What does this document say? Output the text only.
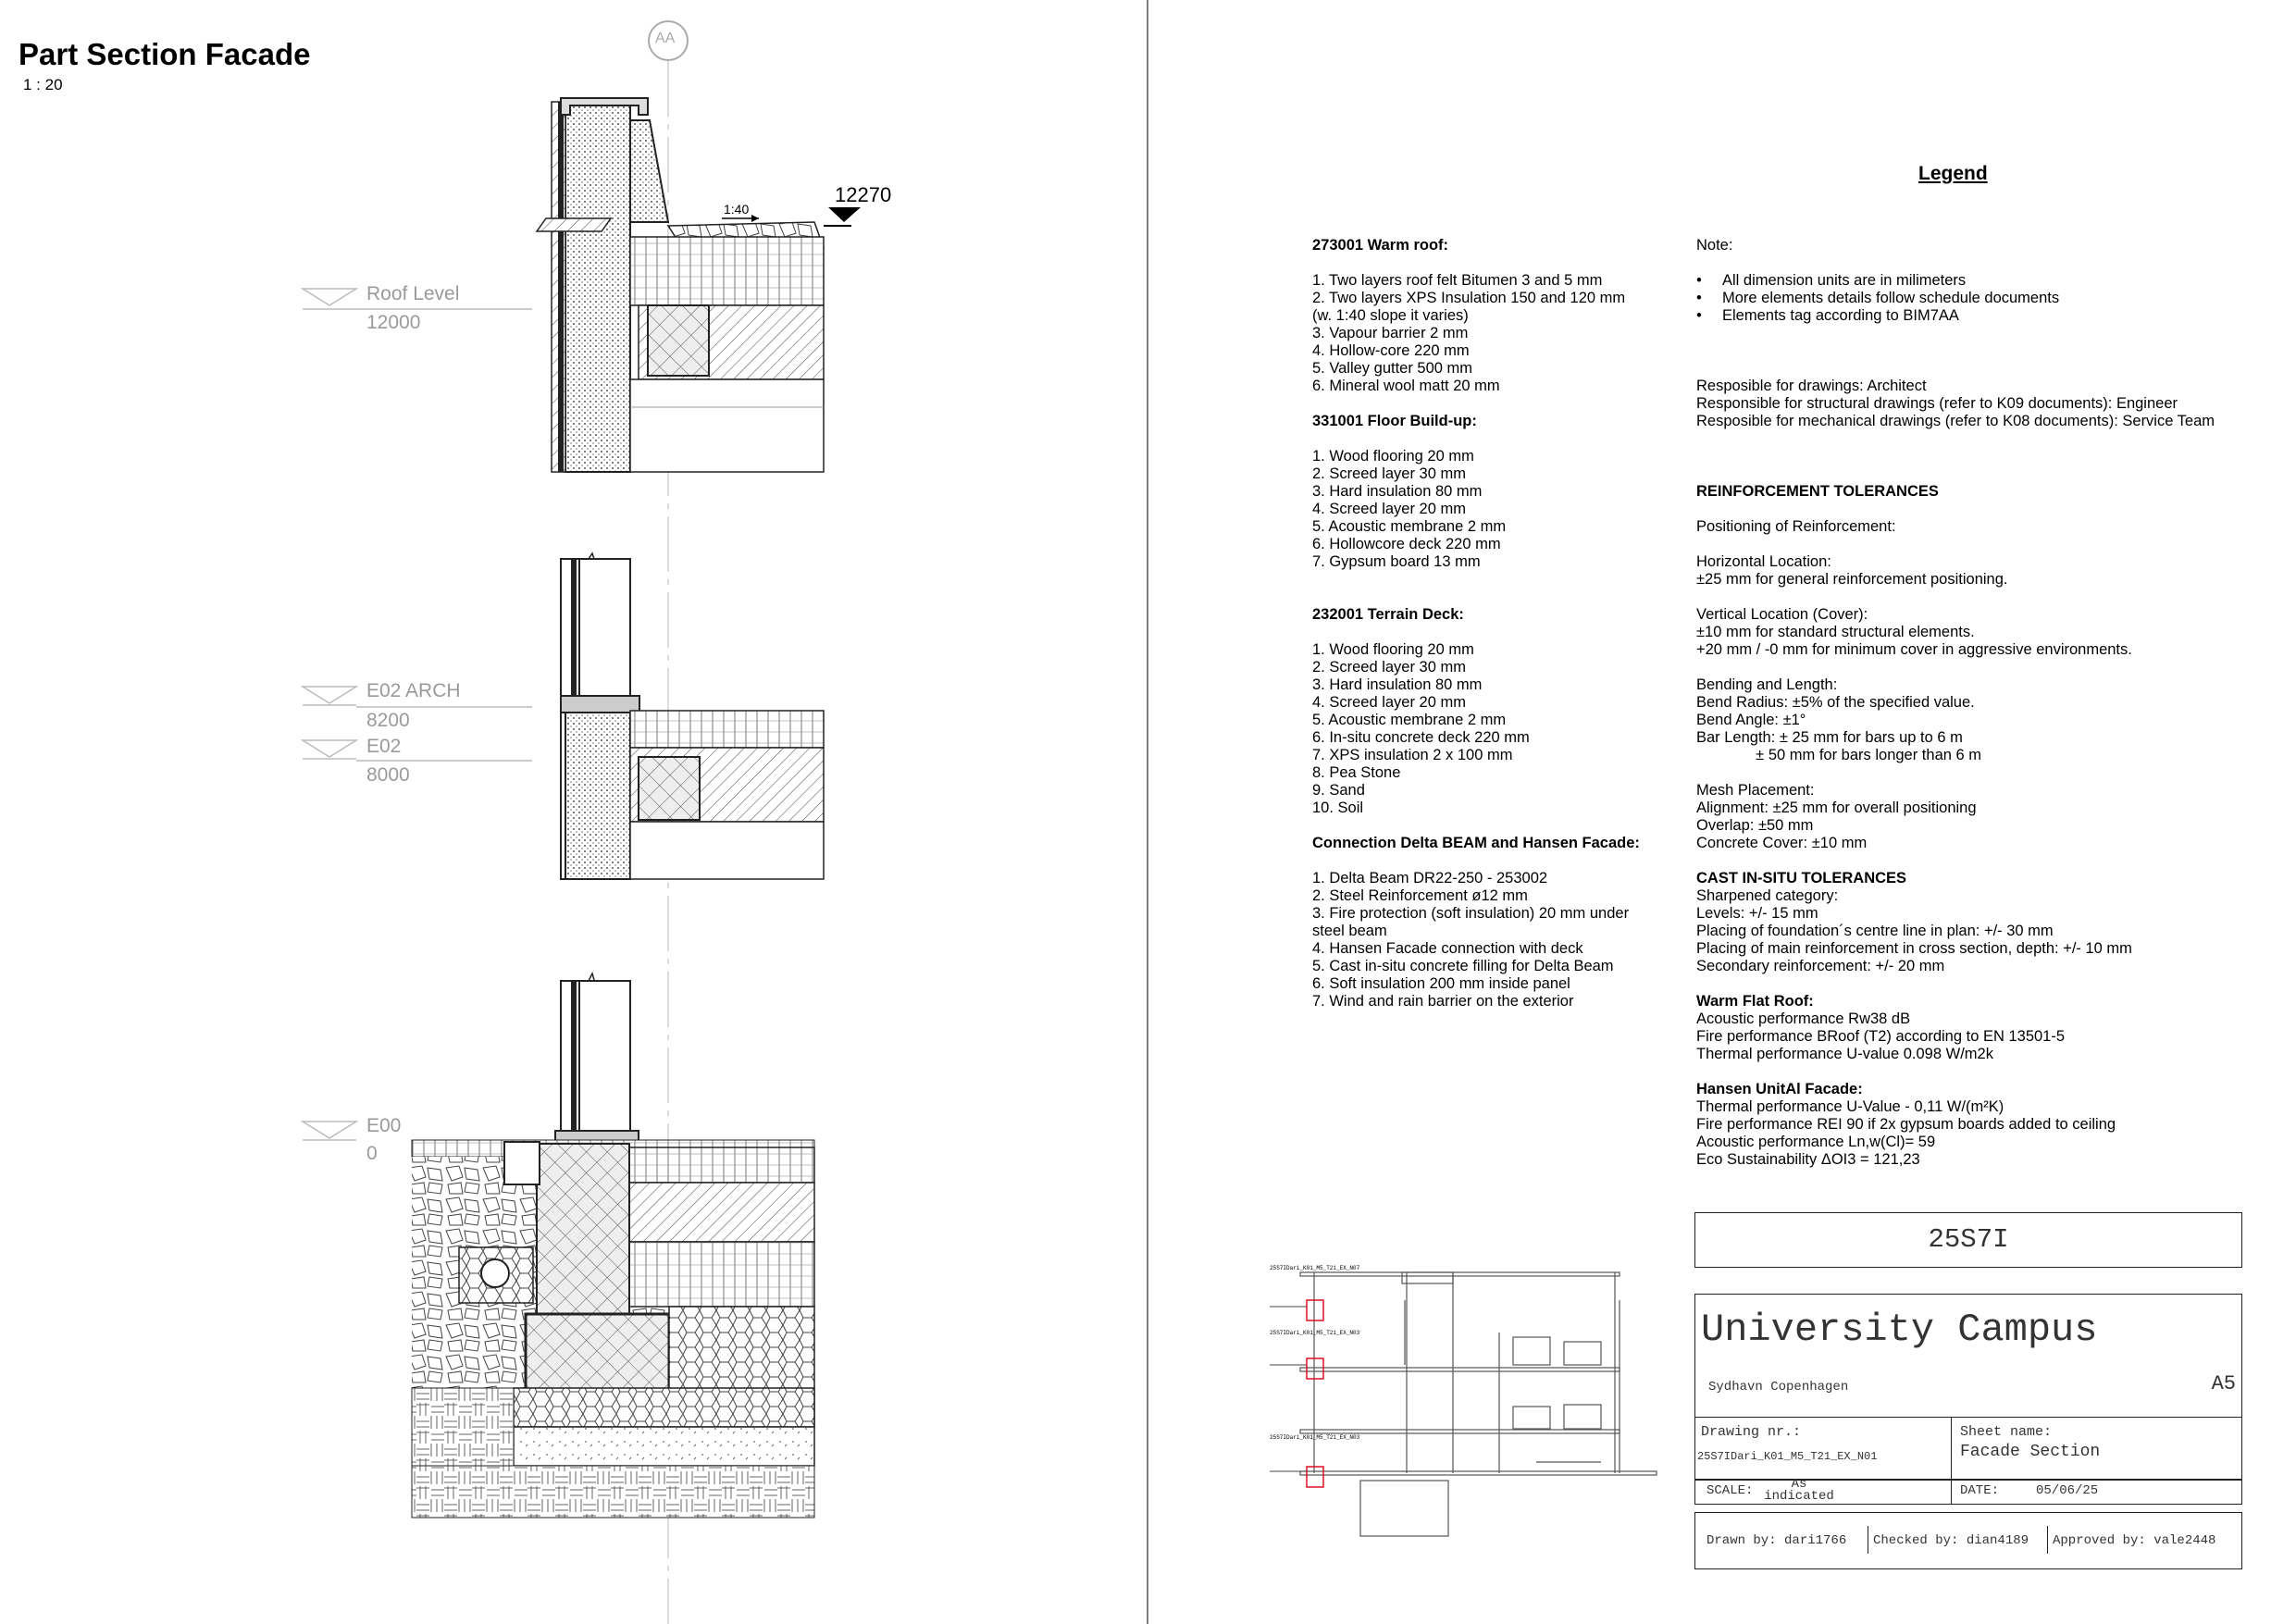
Part Section Facade
1 : 20
AA
1:40
12270
Roof Level
12000
E02 ARCH
8200
E02
8000
E00
0
25S7IDari_K01_M5_T21_EX_N07
25S7IDari_K01_M5_T21_EX_N03
25S7IDari_K01_M5_T21_EX_N03
273001 Warm roof:
1. Two layers roof felt Bitumen 3 and 5 mm
2. Two layers XPS Insulation 150 and 120 mm
(w. 1:40 slope it varies)
3. Vapour barrier 2 mm
4. Hollow-core 220 mm
5. Valley gutter 500 mm
6. Mineral wool matt 20 mm
331001 Floor Build-up:
1. Wood flooring 20 mm
2. Screed layer 30 mm
3. Hard insulation 80 mm
4. Screed layer 20 mm
5. Acoustic membrane 2 mm
6. Hollowcore deck 220 mm
7. Gypsum board 13 mm
232001 Terrain Deck:
1. Wood flooring 20 mm
2. Screed layer 30 mm
3. Hard insulation 80 mm
4. Screed layer 20 mm
5. Acoustic membrane 2 mm
6. In-situ concrete deck 220 mm
7. XPS insulation 2 x 100 mm
8. Pea Stone
9. Sand
10. Soil
Connection Delta BEAM and Hansen Facade:
1. Delta Beam DR22-250 - 253002
2. Steel Reinforcement ø12 mm
3. Fire protection (soft insulation) 20 mm under
steel beam
4. Hansen Facade connection with deck
5. Cast in-situ concrete filling for Delta Beam
6. Soft insulation 200 mm inside panel
7. Wind and rain barrier on the exterior
Legend
Note:
• All dimension units are in milimeters
• More elements details follow schedule documents
• Elements tag according to BIM7AA
Resposible for drawings: Architect
Responsible for structural drawings (refer to K09 documents): Engineer
Resposible for mechanical drawings (refer to K08 documents): Service Team
REINFORCEMENT TOLERANCES
Positioning of Reinforcement:
Horizontal Location:
±25 mm for general reinforcement positioning.
Vertical Location (Cover):
±10 mm for standard structural elements.
+20 mm / -0 mm for minimum cover in aggressive environments.
Bending and Length:
Bend Radius: ±5% of the specified value.
Bend Angle: ±1°
Bar Length: ± 25 mm for bars up to 6 m
± 50 mm for bars longer than 6 m
Mesh Placement:
Alignment: ±25 mm for overall positioning
Overlap: ±50 mm
Concrete Cover: ±10 mm
CAST IN-SITU TOLERANCES
Sharpened category:
Levels: +/- 15 mm
Placing of foundation´s centre line in plan: +/- 30 mm
Placing of main reinforcement in cross section, depth: +/- 10 mm
Secondary reinforcement: +/- 20 mm
Warm Flat Roof:
Acoustic performance Rw38 dB
Fire performance BRoof (T2) according to EN 13501-5
Thermal performance U-value 0.098 W/m2k
Hansen UnitAl Facade:
Thermal performance U-Value - 0,11 W/(m²K)
Fire performance REI 90 if 2x gypsum boards added to ceiling
Acoustic performance Ln,w(Cl)= 59
Eco Sustainability ΔOI3 = 121,23
25S7I
University Campus
Sydhavn Copenhagen	A5
Drawing nr.:
25S7IDari_K01_M5_T21_EX_N01
Sheet name:
Facade Section
SCALE:	As indicated	DATE:	05/06/25
Drawn by: dari1766 Checked by: dian4189 Approved by: vale2448
